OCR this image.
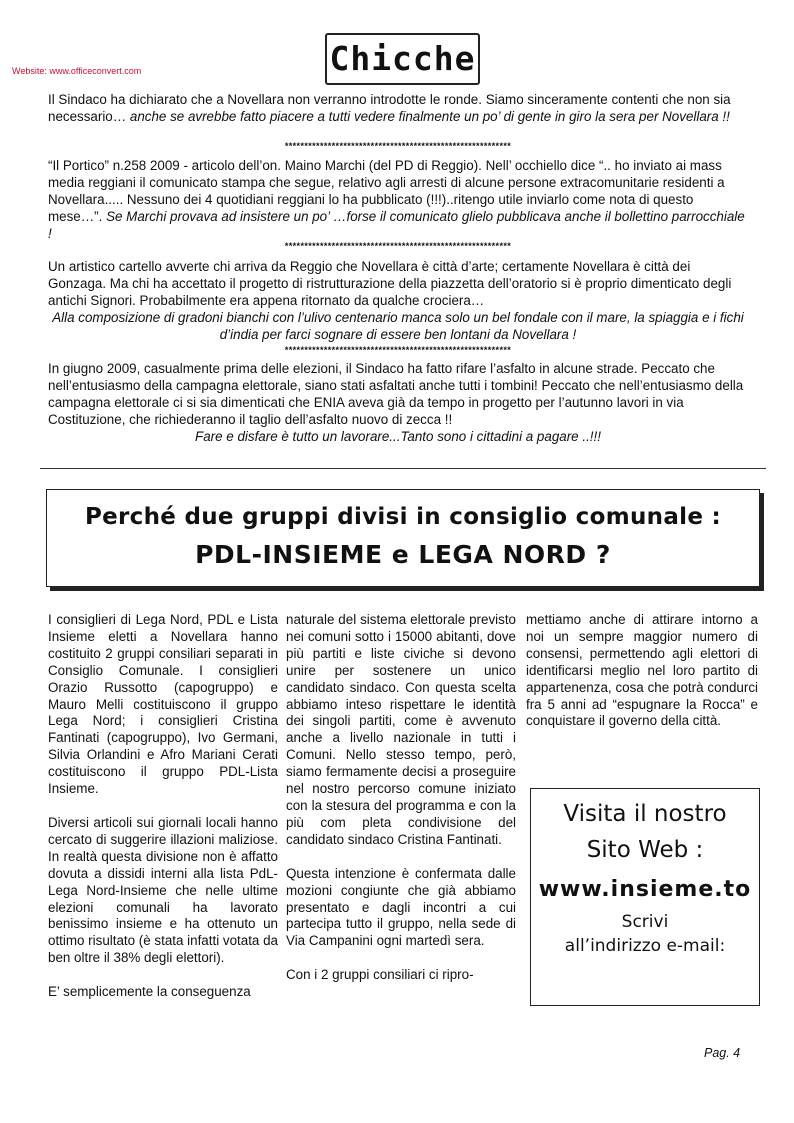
Website: www.officeconvert.com	Chicche
Il Sindaco ha dichiarato che a Novellara non verranno introdotte le ronde. Siamo sinceramente contenti che non sia necessario… anche se avrebbe fatto piacere a tutti vedere finalmente un po’ di gente in giro la sera per Novellara !!
**********************************************************
“Il Portico” n.258 2009 - articolo dell’on. Maino Marchi (del PD di Reggio). Nell’ occhiello dice “.. ho inviato ai mass media reggiani il comunicato stampa che segue, relativo agli arresti di alcune persone extracomunitarie residenti a Novellara..... Nessuno dei 4 quotidiani reggiani lo ha pubblicato (!!!)..ritengo utile inviarlo come nota di questo mese…”. Se Marchi provava ad insistere un po’ …forse il comunicato glielo pubblicava anche il bollettino parrocchiale !
**********************************************************
Un artistico cartello avverte chi arriva da Reggio che Novellara è città d’arte; certamente Novellara è città dei Gonzaga. Ma chi ha accettato il progetto di ristrutturazione della piazzetta dell’oratorio si è proprio dimenticato degli antichi Signori. Probabilmente era appena ritornato da qualche crociera…
Alla composizione di gradoni bianchi con l’ulivo centenario manca solo un bel fondale con il mare, la spiaggia e i fichi d’india per farci sognare di essere ben lontani da Novellara !
**********************************************************
In giugno 2009, casualmente prima delle elezioni, il Sindaco ha fatto rifare l’asfalto in alcune strade. Peccato che nell’entusiasmo della campagna elettorale, siano stati asfaltati anche tutti i tombini! Peccato che nell’entusiasmo della campagna elettorale ci si sia dimenticati che ENIA aveva già da tempo in progetto per l’autunno lavori in via Costituzione, che richiederanno il taglio dell’asfalto nuovo di zecca !!
Fare e disfare è tutto un lavorare...Tanto sono i cittadini a pagare ..!!!
Perché due gruppi divisi in consiglio comunale :
PDL-INSIEME e LEGA NORD ?

I consiglieri di Lega Nord, PDL e Lista Insieme eletti a Novellara hanno costituito 2 gruppi consiliari separati in Consiglio Comunale. I consiglieri Orazio Russotto (capogruppo) e Mauro Melli costituiscono il gruppo Lega Nord; i consiglieri Cristina Fantinati (capogruppo), Ivo Germani, Silvia Orlandini e Afro Mariani Cerati costituiscono il gruppo PDL-Lista Insieme.

Diversi articoli sui giornali locali hanno cercato di suggerire illazioni maliziose. In realtà questa divisione non è affatto dovuta a dissidi interni alla lista PdL-Lega Nord-Insieme che nelle ultime elezioni comunali ha lavorato benissimo insieme e ha ottenuto un ottimo risultato (è stata infatti votata da ben oltre il 38% degli elettori).

E’ semplicemente la conseguenza

naturale del sistema elettorale previsto nei comuni sotto i 15000 abitanti, dove più partiti e liste civiche si devono unire per sostenere un unico candidato sindaco. Con questa scelta abbiamo inteso rispettare le identità dei singoli partiti, come è avvenuto anche a livello nazionale in tutti i Comuni. Nello stesso tempo, però, siamo fermamente decisi a proseguire nel nostro percorso comune iniziato con la stesura del programma e con la più com pleta condivisione del candidato sindaco Cristina Fantinati.

Questa intenzione è confermata dalle mozioni congiunte che già abbiamo presentato e dagli incontri a cui partecipa tutto il gruppo, nella sede di Via Campanini ogni martedì sera.

Con i 2 gruppi consiliari ci ripro-

mettiamo anche di attirare intorno a noi un sempre maggior numero di consensi, permettendo agli elettori di identificarsi meglio nel loro partito di appartenenza, cosa che potrà condurci fra 5 anni ad “espugnare la Rocca” e conquistare il governo della città.

Visita il nostro
Sito Web :
www.insieme.to
Scrivi
all’indirizzo e-mail:
Pag. 4
